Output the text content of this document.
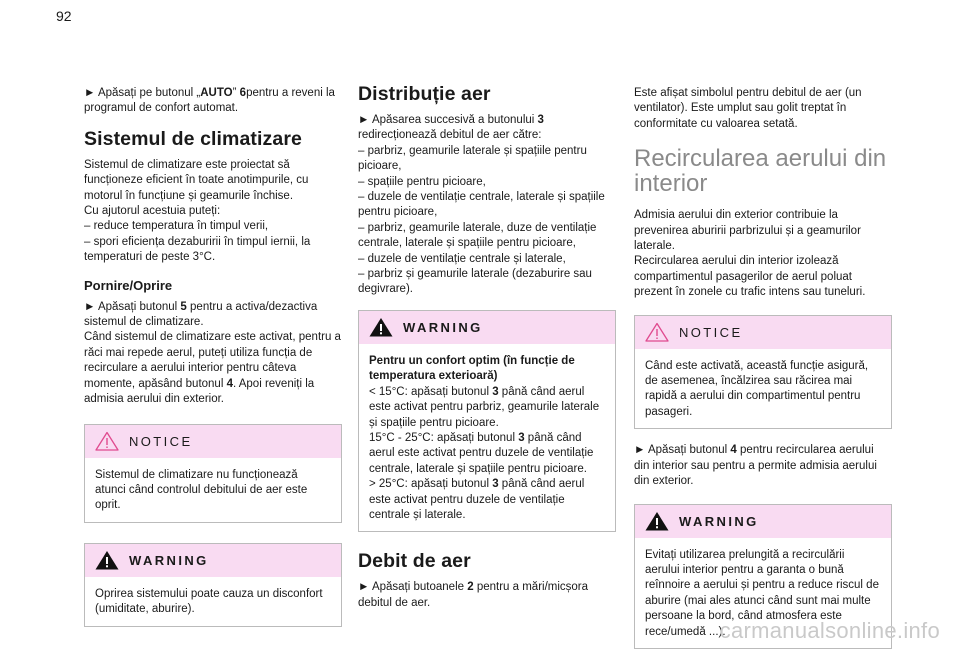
92

► Apăsați pe butonul „AUTO” 6pentru a reveni la programul de confort automat.

Sistemul de climatizare
Sistemul de climatizare este proiectat să
funcționeze eficient în toate anotimpurile, cu
motorul în funcțiune și geamurile închise.
Cu ajutorul acestuia puteți:
– reduce temperatura în timpul verii,
– spori eficiența dezaburirii în timpul iernii, la
temperaturi de peste 3°C.
Pornire/Oprire

► Apăsați butonul 5 pentru a activa/dezactiva sistemul de climatizare.

Când sistemul de climatizare este activat, pentru a răci mai repede aerul, puteți utiliza funcția de recirculare a aerului interior pentru câteva momente, apăsând butonul 4. Apoi reveniți la admisia aerului din exterior.

NOTICE
Sistemul de climatizare nu funcționează atunci când controlul debitului de aer este oprit.
WARNING
Oprirea sistemului poate cauza un disconfort (umiditate, aburire).
Distribuție aer

► Apăsarea succesivă a butonului 3 redirecționează debitul de aer către:

– parbriz, geamurile laterale și spațiile pentru picioare,
– spațiile pentru picioare,
– duzele de ventilație centrale, laterale și spațiile pentru picioare,
– parbriz, geamurile laterale, duze de ventilație centrale, laterale și spațiile pentru picioare,
– duzele de ventilație centrale și laterale,
– parbriz și geamurile laterale (dezaburire sau degivrare).
WARNING
Pentru un confort optim (în funcție de temperatura exterioară)
< 15°C: apăsați butonul 3 până când aerul este activat pentru parbriz, geamurile laterale și spațiile pentru picioare.
15°C - 25°C: apăsați butonul 3 până când aerul este activat pentru duzele de ventilație centrale, laterale și spațiile pentru picioare.
> 25°C: apăsați butonul 3 până când aerul este activat pentru duzele de ventilație centrale și laterale.
Debit de aer

► Apăsați butoanele 2 pentru a mări/micșora debitul de aer.

Este afișat simbolul pentru debitul de aer (un ventilator). Este umplut sau golit treptat în conformitate cu valoarea setată.

Recircularea aerului din interior

Admisia aerului din exterior contribuie la prevenirea aburirii parbrizului și a geamurilor laterale.

Recircularea aerului din interior izolează compartimentul pasagerilor de aerul poluat prezent în zonele cu trafic intens sau tuneluri.

NOTICE
Când este activată, această funcție asigură, de asemenea, încălzirea sau răcirea mai rapidă a aerului din compartimentul pentru pasageri.

► Apăsați butonul 4 pentru recircularea aerului din interior sau pentru a permite admisia aerului din exterior.

WARNING
Evitați utilizarea prelungită a recirculării aerului interior pentru a garanta o bună reînnoire a aerului și pentru a reduce riscul de aburire (mai ales atunci când sunt mai multe persoane la bord, când atmosfera este rece/umedă ...).
carmanualsonline.info
